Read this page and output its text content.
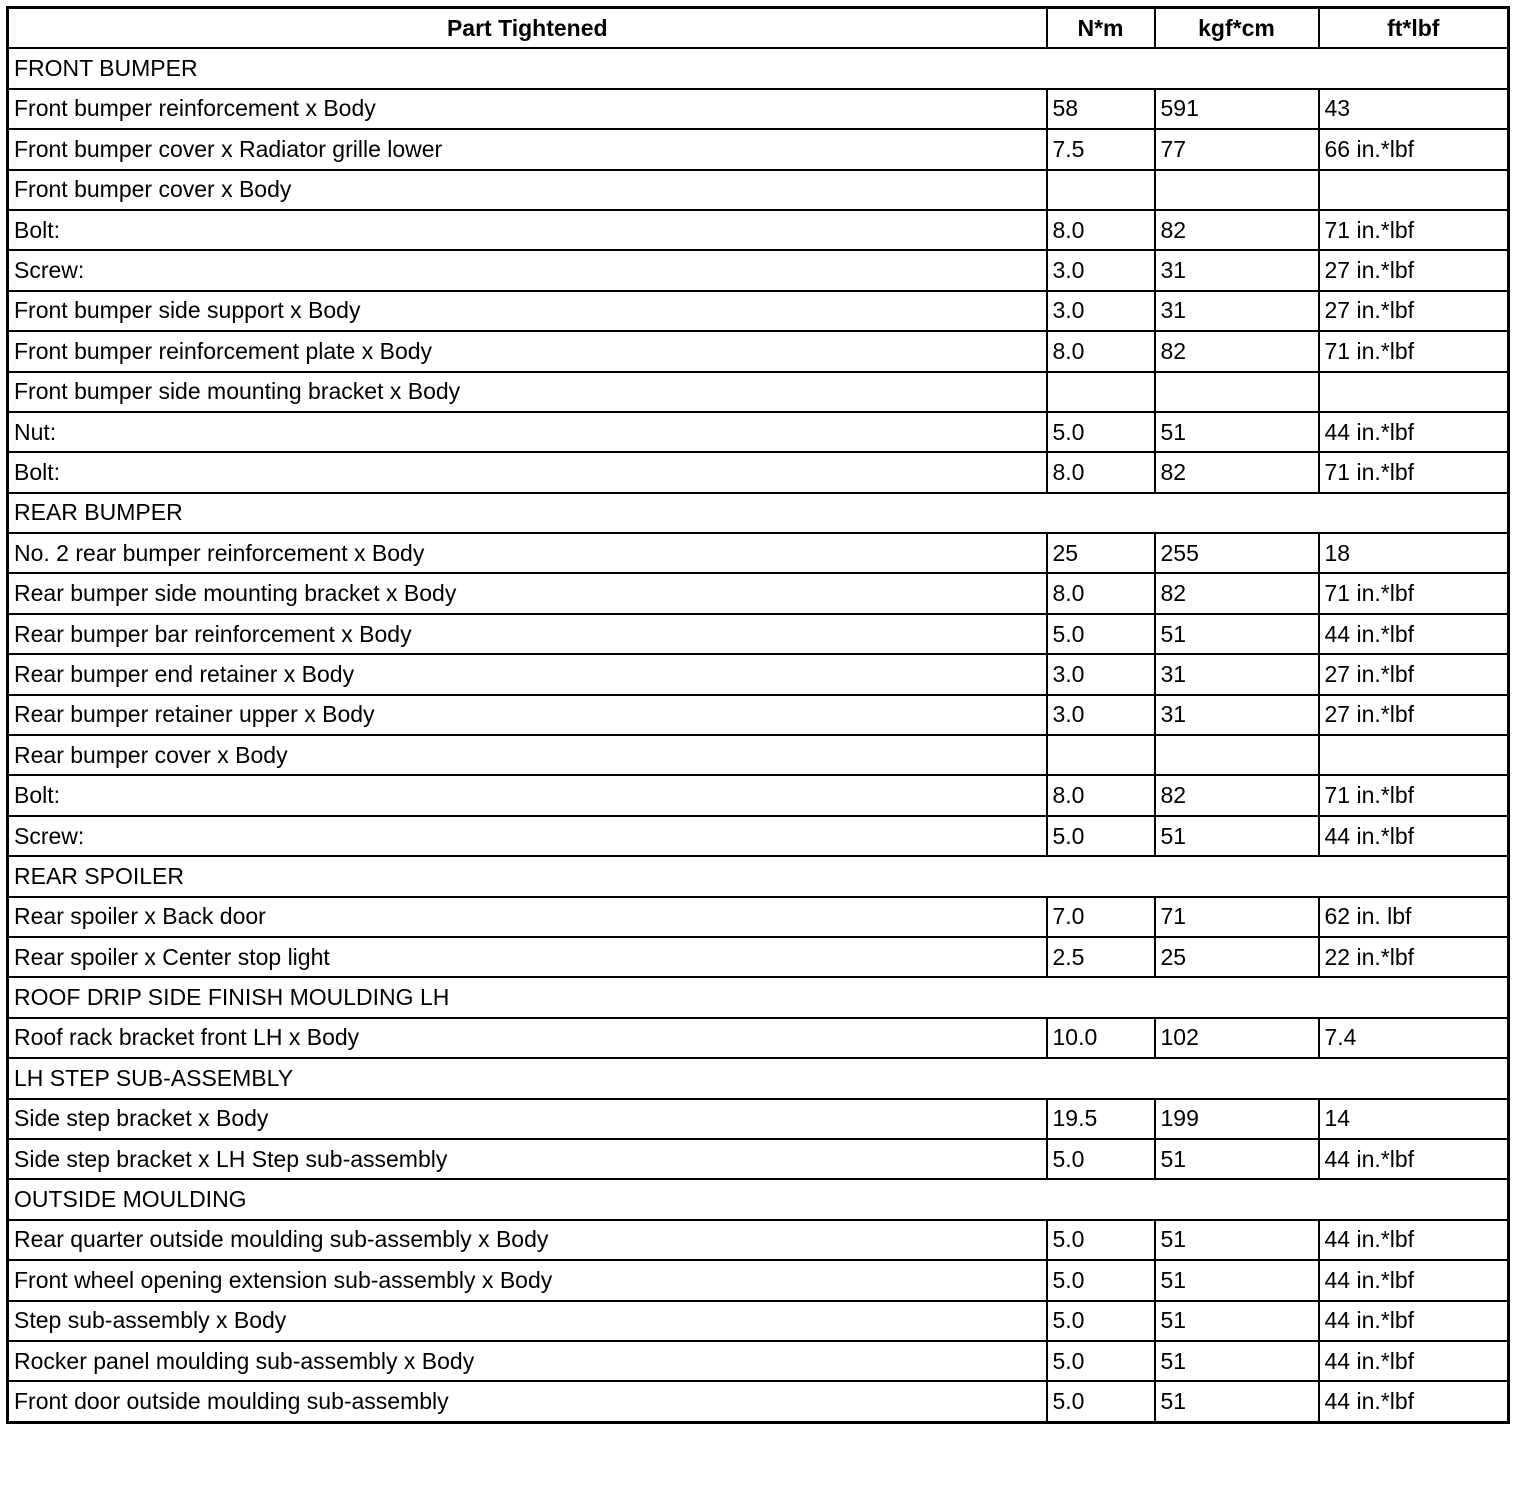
Part Tightened	N*m	kgf*cm	ft*lbf
FRONT BUMPER			
Front bumper reinforcement x Body	58	591	43
Front bumper cover x Radiator grille lower	7.5	77	66 in.*lbf
Front bumper cover x Body			
Bolt:	8.0	82	71 in.*lbf
Screw:	3.0	31	27 in.*lbf
Front bumper side support x Body	3.0	31	27 in.*lbf
Front bumper reinforcement plate x Body	8.0	82	71 in.*lbf
Front bumper side mounting bracket x Body			
Nut:	5.0	51	44 in.*lbf
Bolt:	8.0	82	71 in.*lbf
REAR BUMPER			
No. 2 rear bumper reinforcement x Body	25	255	18
Rear bumper side mounting bracket x Body	8.0	82	71 in.*lbf
Rear bumper bar reinforcement x Body	5.0	51	44 in.*lbf
Rear bumper end retainer x Body	3.0	31	27 in.*lbf
Rear bumper retainer upper x Body	3.0	31	27 in.*lbf
Rear bumper cover x Body			
Bolt:	8.0	82	71 in.*lbf
Screw:	5.0	51	44 in.*lbf
REAR SPOILER			
Rear spoiler x Back door	7.0	71	62 in. lbf
Rear spoiler x Center stop light	2.5	25	22 in.*lbf
ROOF DRIP SIDE FINISH MOULDING LH			
Roof rack bracket front LH x Body	10.0	102	7.4
LH STEP SUB-ASSEMBLY			
Side step bracket x Body	19.5	199	14
Side step bracket x LH Step sub-assembly	5.0	51	44 in.*lbf
OUTSIDE MOULDING			
Rear quarter outside moulding sub-assembly x Body	5.0	51	44 in.*lbf
Front wheel opening extension sub-assembly x Body	5.0	51	44 in.*lbf
Step sub-assembly x Body	5.0	51	44 in.*lbf
Rocker panel moulding sub-assembly x Body	5.0	51	44 in.*lbf
Front door outside moulding sub-assembly	5.0	51	44 in.*lbf
